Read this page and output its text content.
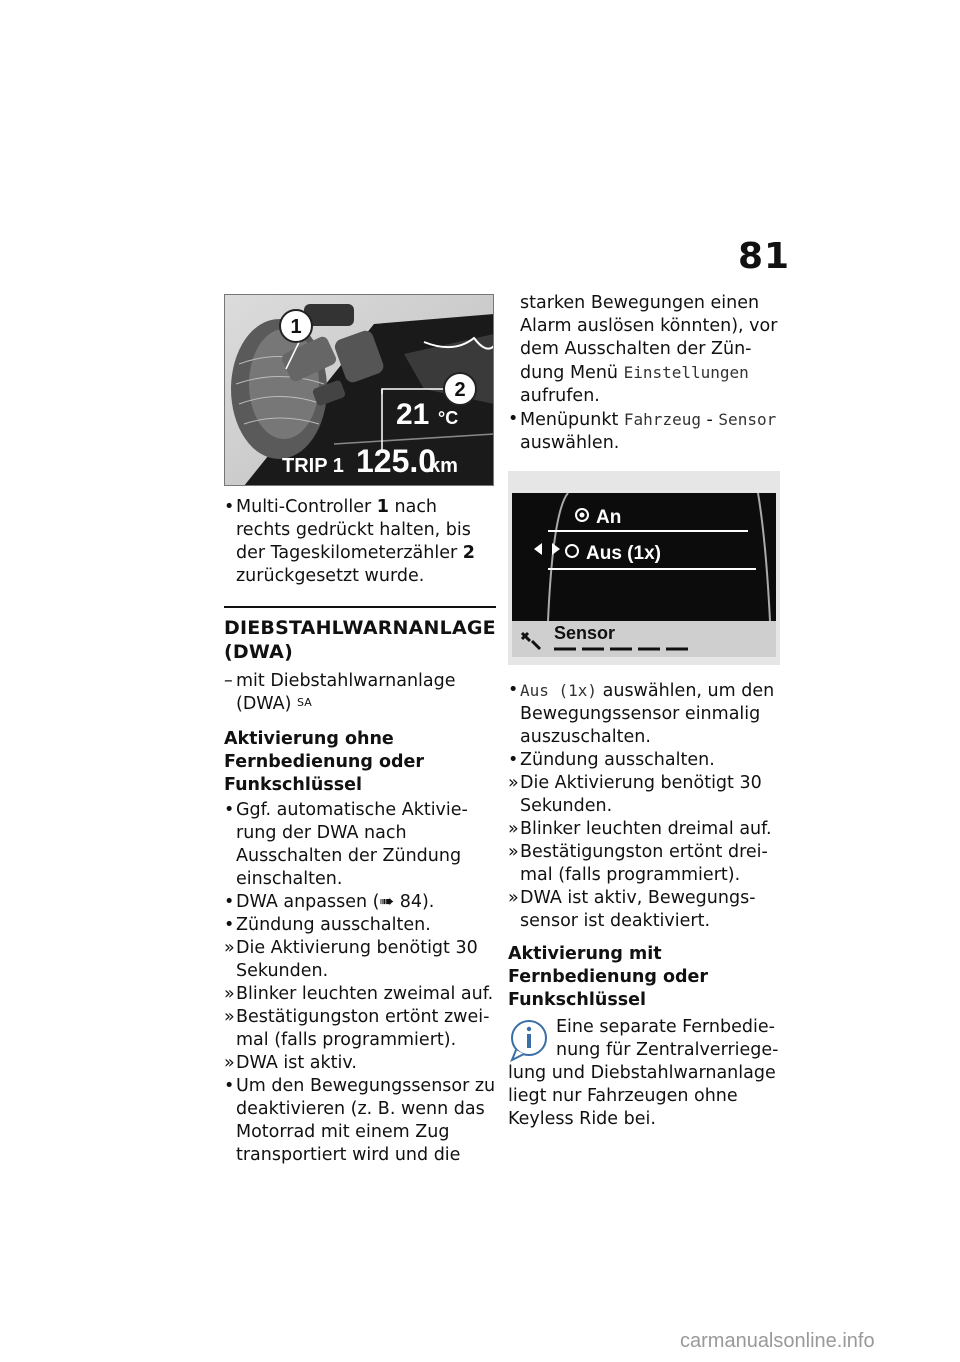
81
1
2
21 °C
TRIP 1 125.0
km

• Multi-Controller 1 nach rechts gedrückt halten, bis der Tageskilometerzähler 2 zurückgesetzt wurde.

DIEBSTAHLWARNANLAGE (DWA)

– mit Diebstahlwarnanlage (DWA) $^{SA}$

Aktivierung ohne Fernbedienung oder Funkschlüssel

• Ggf. automatische Aktivierung der DWA nach Ausschalten der Zündung einschalten.

• DWA anpassen (➠ 84).

• Zündung ausschalten.

» Die Aktivierung benötigt 30 Sekunden.

» Blinker leuchten zweimal auf.

» Bestätigungston ertönt zweimal (falls programmiert).

» DWA ist aktiv.

• Um den Bewegungssensor zu deaktivieren (z. B. wenn das Motorrad mit einem Zug transportiert wird und die

starken Bewegungen einen Alarm auslösen könnten), vor dem Ausschalten der Zündung Menü Einstellungen aufrufen.

• Menüpunkt Fahrzeug - Sensor auswählen.

An
Aus (1x)
Sensor

• Aus (1x) auswählen, um den Bewegungssensor einmalig auszuschalten.

• Zündung ausschalten.

» Die Aktivierung benötigt 30 Sekunden.

» Blinker leuchten dreimal auf.

» Bestätigungston ertönt dreimal (falls programmiert).

» DWA ist aktiv, Bewegungssensor ist deaktiviert.

Aktivierung mit Fernbedienung oder Funkschlüssel
Eine separate Fernbedienung für Zentralverriegelung und Diebstahlwarnanlage liegt nur Fahrzeugen ohne Keyless Ride bei.
carmanualsonline.info
